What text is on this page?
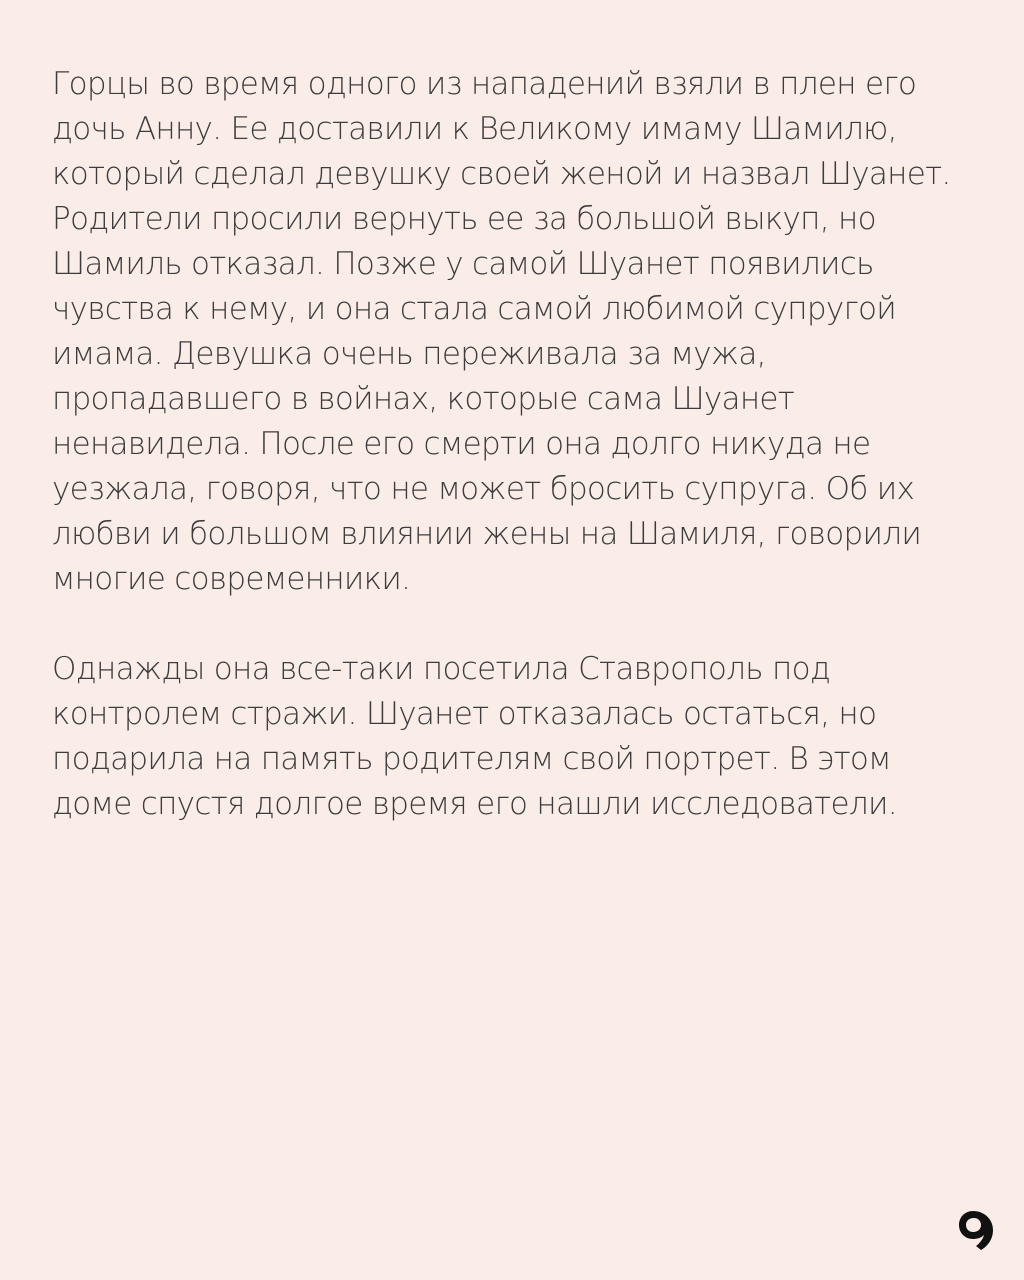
Горцы во время одного из нападений взяли в плен его
дочь Анну. Ее доставили к Великому имаму Шамилю,
который сделал девушку своей женой и назвал Шуанет.
Родители просили вернуть ее за большой выкуп, но
Шамиль отказал. Позже у самой Шуанет появились
чувства к нему, и она стала самой любимой супругой
имама. Девушка очень переживала за мужа,
пропадавшего в войнах, которые сама Шуанет
ненавидела. После его смерти она долго никуда не
уезжала, говоря, что не может бросить супруга. Об их
любви и большом влиянии жены на Шамиля, говорили
многие современники.

Однажды она все-таки посетила Ставрополь под
контролем стражи. Шуанет отказалась остаться, но
подарила на память родителям свой портрет. В этом
доме спустя долгое время его нашли исследователи.
